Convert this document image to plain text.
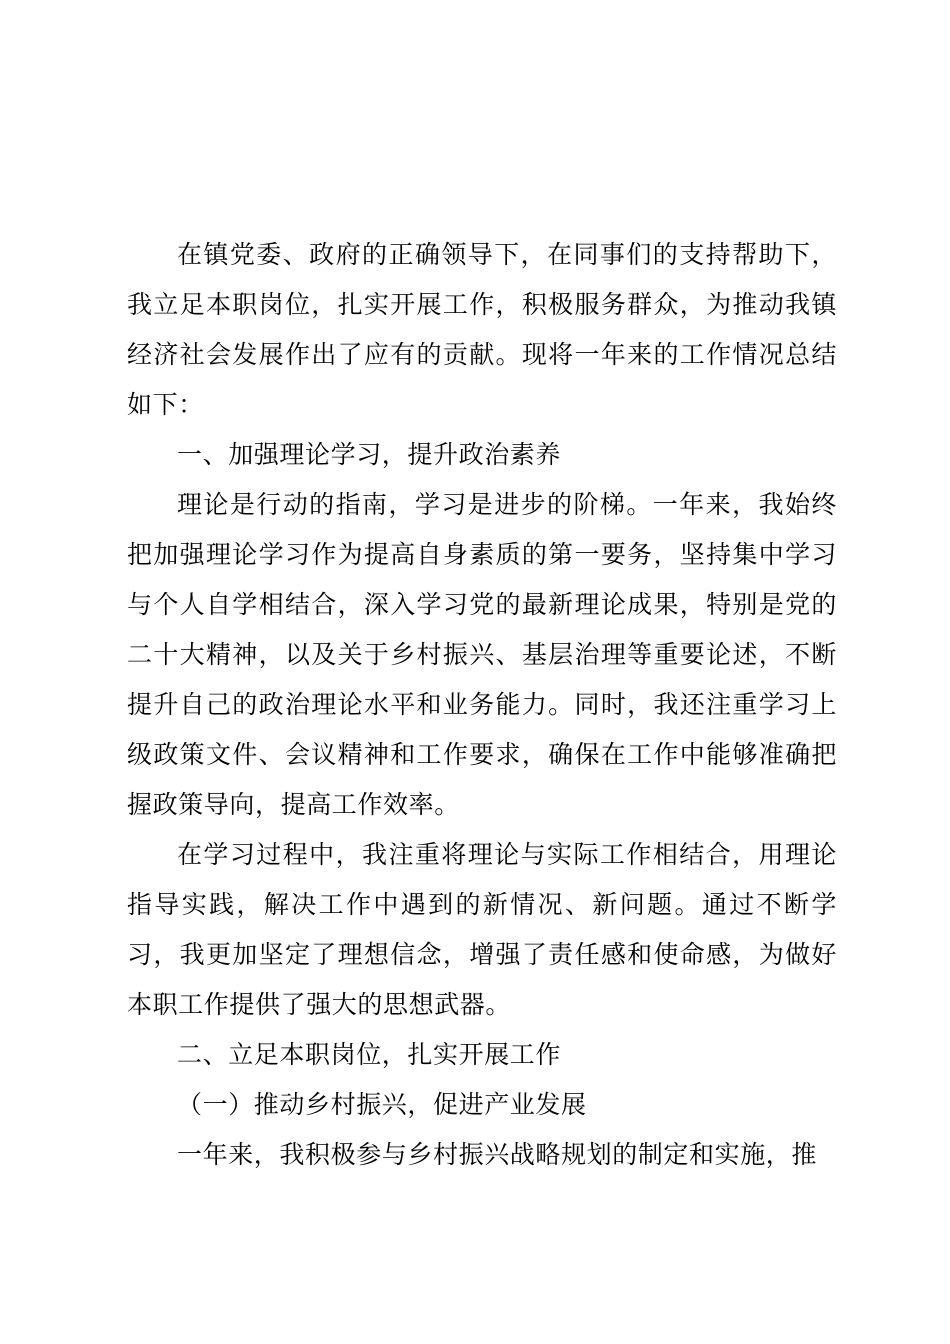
在镇党委、政府的正确领导下，在同事们的支持帮助下，我立足本职岗位，扎实开展工作，积极服务群众，为推动我镇经济社会发展作出了应有的贡献。现将一年来的工作情况总结如下：

一、加强理论学习，提升政治素养

理论是行动的指南，学习是进步的阶梯。一年来，我始终把加强理论学习作为提高自身素质的第一要务，坚持集中学习与个人自学相结合，深入学习党的最新理论成果，特别是党的二十大精神，以及关于乡村振兴、基层治理等重要论述，不断提升自己的政治理论水平和业务能力。同时，我还注重学习上级政策文件、会议精神和工作要求，确保在工作中能够准确把握政策导向，提高工作效率。

在学习过程中，我注重将理论与实际工作相结合，用理论指导实践，解决工作中遇到的新情况、新问题。通过不断学习，我更加坚定了理想信念，增强了责任感和使命感，为做好本职工作提供了强大的思想武器。

二、立足本职岗位，扎实开展工作

（一）推动乡村振兴，促进产业发展

一年来，我积极参与乡村振兴战略规划的制定和实施，推
